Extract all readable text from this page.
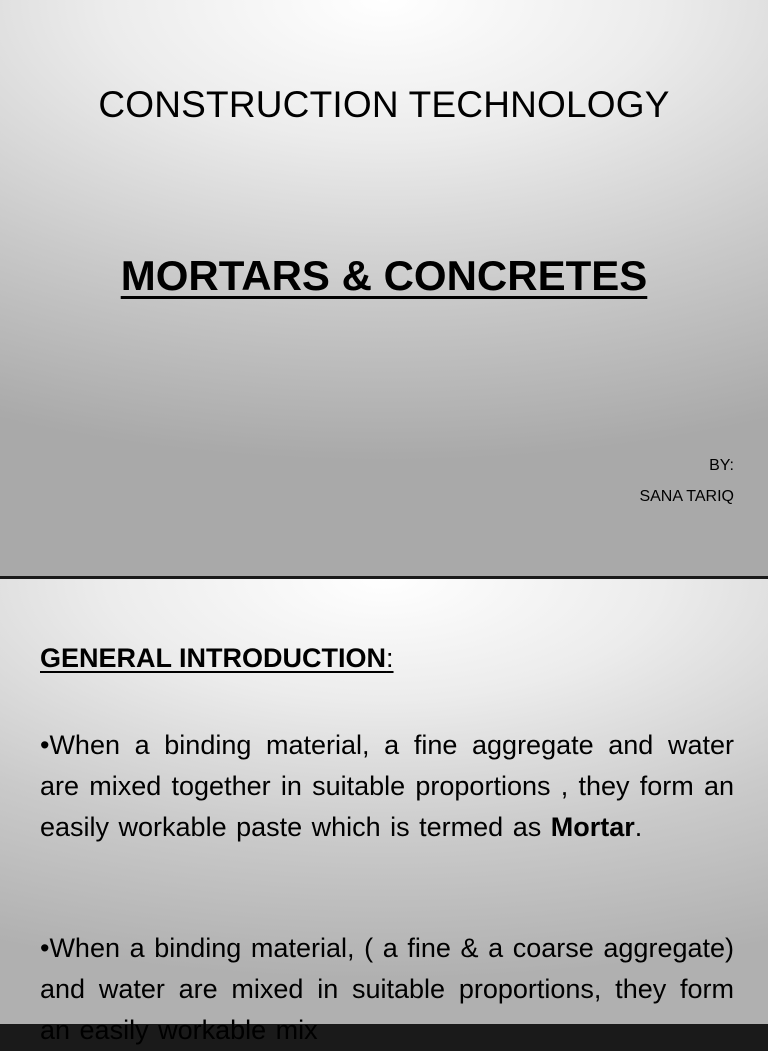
CONSTRUCTION TECHNOLOGY
MORTARS & CONCRETES
BY:
SANA TARIQ
GENERAL INTRODUCTION:
•When a binding material, a fine aggregate and water are mixed together in suitable proportions , they form an easily workable paste which is termed as Mortar.
•When a binding material, ( a fine & a coarse aggregate) and water are mixed in suitable proportions, they form an easily workable mix
